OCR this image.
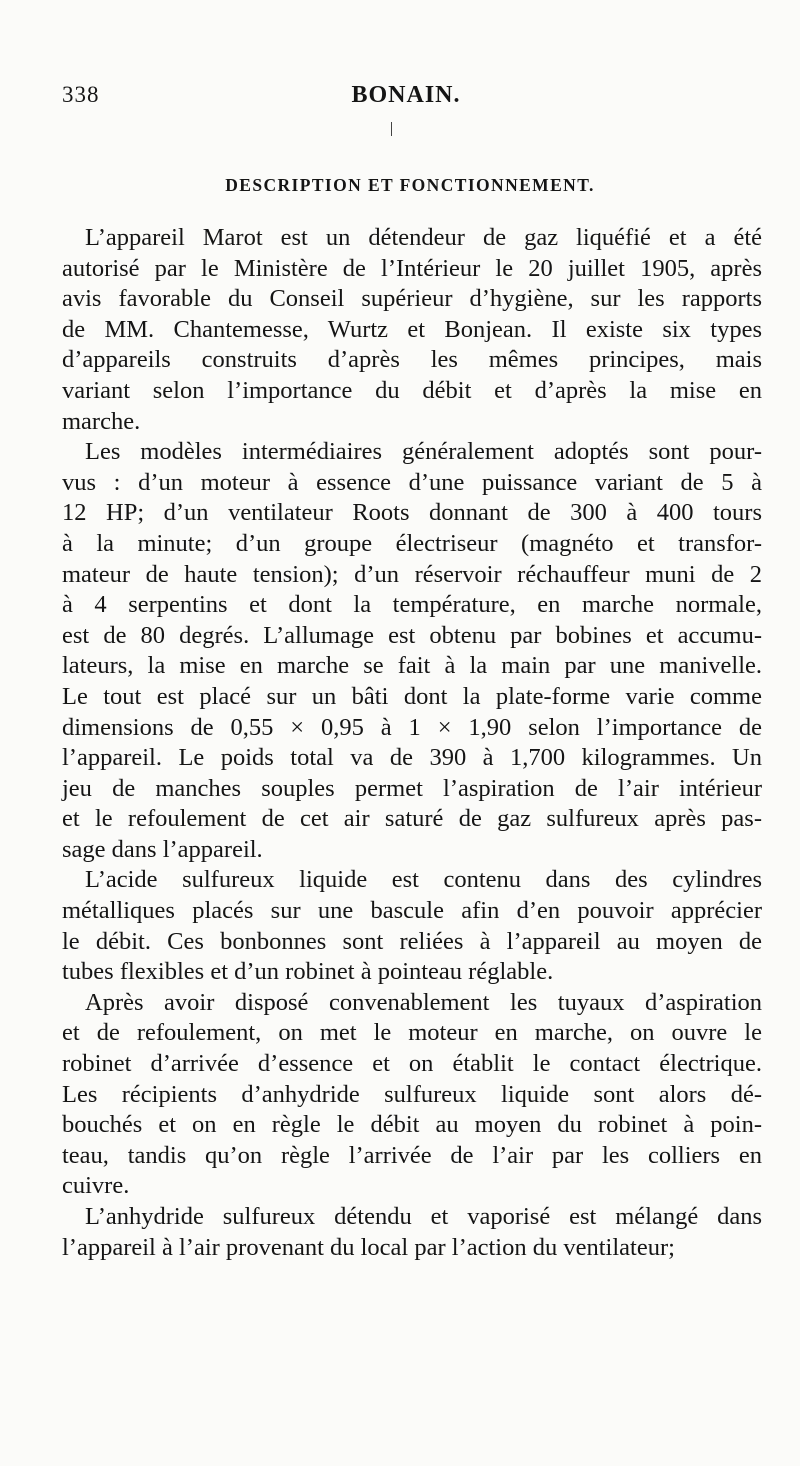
338	BONAIN.
DESCRIPTION ET FONCTIONNEMENT.
L’appareil Marot est un détendeur de gaz liquéfié et a été
autorisé par le Ministère de l’Intérieur le 20 juillet 1905, après
avis favorable du Conseil supérieur d’hygiène, sur les rapports
de MM. Chantemesse, Wurtz et Bonjean. Il existe six types
d’appareils construits d’après les mêmes principes, mais
variant selon l’importance du débit et d’après la mise en
marche.
Les modèles intermédiaires généralement adoptés sont pour-
vus : d’un moteur à essence d’une puissance variant de 5 à
12 HP; d’un ventilateur Roots donnant de 300 à 400 tours
à la minute; d’un groupe électriseur (magnéto et transfor-
mateur de haute tension); d’un réservoir réchauffeur muni de 2
à 4 serpentins et dont la température, en marche normale,
est de 80 degrés. L’allumage est obtenu par bobines et accumu-
lateurs, la mise en marche se fait à la main par une manivelle.
Le tout est placé sur un bâti dont la plate-forme varie comme
dimensions de 0,55 × 0,95 à 1 × 1,90 selon l’importance de
l’appareil. Le poids total va de 390 à 1,700 kilogrammes. Un
jeu de manches souples permet l’aspiration de l’air intérieur
et le refoulement de cet air saturé de gaz sulfureux après pas-
sage dans l’appareil.
L’acide sulfureux liquide est contenu dans des cylindres
métalliques placés sur une bascule afin d’en pouvoir apprécier
le débit. Ces bonbonnes sont reliées à l’appareil au moyen de
tubes flexibles et d’un robinet à pointeau réglable.
Après avoir disposé convenablement les tuyaux d’aspiration
et de refoulement, on met le moteur en marche, on ouvre le
robinet d’arrivée d’essence et on établit le contact électrique.
Les récipients d’anhydride sulfureux liquide sont alors dé-
bouchés et on en règle le débit au moyen du robinet à poin-
teau, tandis qu’on règle l’arrivée de l’air par les colliers en
cuivre.
L’anhydride sulfureux détendu et vaporisé est mélangé dans
l’appareil à l’air provenant du local par l’action du ventilateur;
